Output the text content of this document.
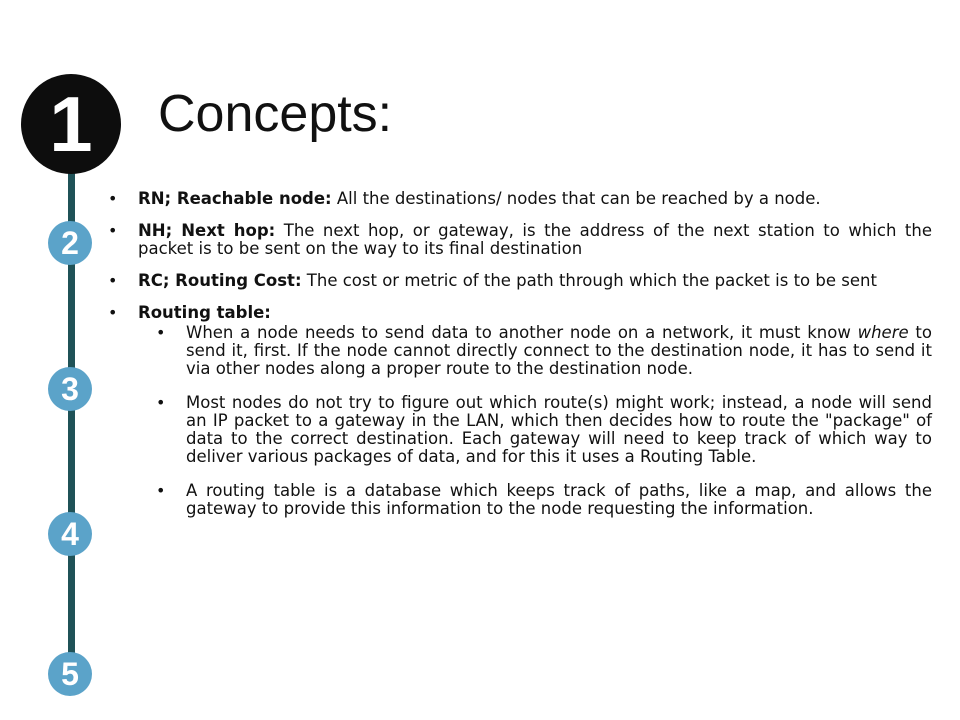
1
2
3
4
5
Concepts:
• RN; Reachable node: All the destinations/ nodes that can be reached by a node.
• NH; Next hop: The next hop, or gateway, is the address of the next station to which the packet is to be sent on the way to its final destination
• RC; Routing Cost: The cost or metric of the path through which the packet is to be sent
• Routing table:
• When a node needs to send data to another node on a network, it must know where to send it, first. If the node cannot directly connect to the destination node, it has to send it via other nodes along a proper route to the destination node.
• Most nodes do not try to figure out which route(s) might work; instead, a node will send an IP packet to a gateway in the LAN, which then decides how to route the "package" of data to the correct destination. Each gateway will need to keep track of which way to deliver various packages of data, and for this it uses a Routing Table.
• A routing table is a database which keeps track of paths, like a map, and allows the gateway to provide this information to the node requesting the information.
